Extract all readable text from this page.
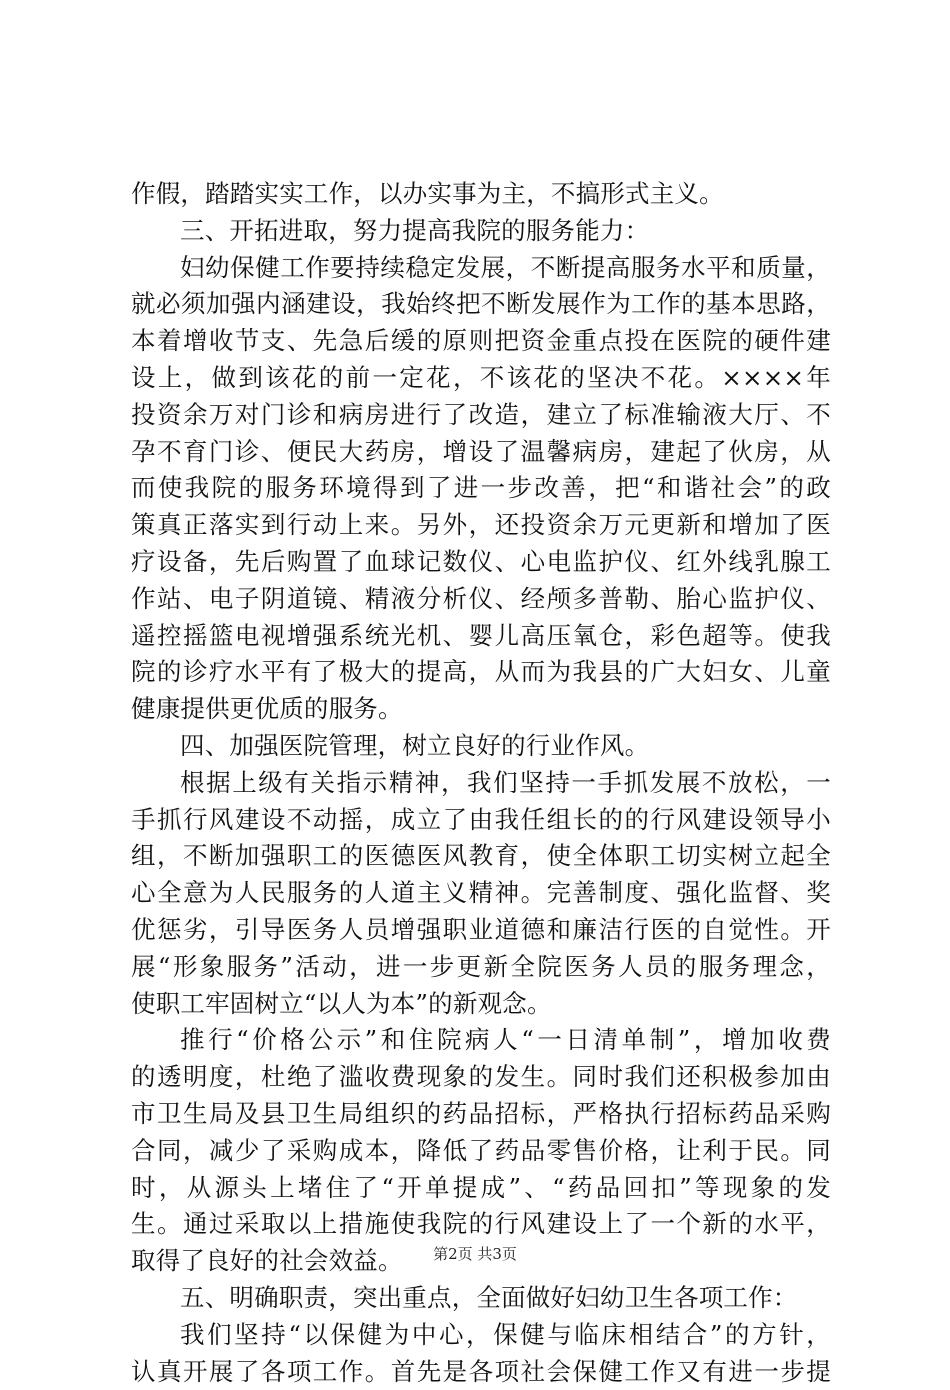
作假，踏踏实实工作，以办实事为主，不搞形式主义。
三、开拓进取，努力提高我院的服务能力：
妇幼保健工作要持续稳定发展，不断提高服务水平和质量，
就必须加强内涵建设，我始终把不断发展作为工作的基本思路，
本着增收节支、先急后缓的原则把资金重点投在医院的硬件建
设上，做到该花的前一定花，不该花的坚决不花。××××年
投资余万对门诊和病房进行了改造，建立了标准输液大厅、不
孕不育门诊、便民大药房，增设了温馨病房，建起了伙房，从
而使我院的服务环境得到了进一步改善，把“和谐社会”的政
策真正落实到行动上来。另外，还投资余万元更新和增加了医
疗设备，先后购置了血球记数仪、心电监护仪、红外线乳腺工
作站、电子阴道镜、精液分析仪、经颅多普勒、胎心监护仪、
遥控摇篮电视增强系统光机、婴儿高压氧仓，彩色超等。使我
院的诊疗水平有了极大的提高，从而为我县的广大妇女、儿童
健康提供更优质的服务。
四、加强医院管理，树立良好的行业作风。
根据上级有关指示精神，我们坚持一手抓发展不放松，一
手抓行风建设不动摇，成立了由我任组长的的行风建设领导小
组，不断加强职工的医德医风教育，使全体职工切实树立起全
心全意为人民服务的人道主义精神。完善制度、强化监督、奖
优惩劣，引导医务人员增强职业道德和廉洁行医的自觉性。开
展“形象服务”活动，进一步更新全院医务人员的服务理念，
使职工牢固树立“以人为本”的新观念。
推行“价格公示”和住院病人“一日清单制”，增加收费
的透明度，杜绝了滥收费现象的发生。同时我们还积极参加由
市卫生局及县卫生局组织的药品招标，严格执行招标药品采购
合同，减少了采购成本，降低了药品零售价格，让利于民。同
时，从源头上堵住了“开单提成”、“药品回扣”等现象的发
生。通过采取以上措施使我院的行风建设上了一个新的水平，
取得了良好的社会效益。
五、明确职责，突出重点，全面做好妇幼卫生各项工作：
我们坚持“以保健为中心，保健与临床相结合”的方针，
认真开展了各项工作。首先是各项社会保健工作又有进一步提
第2页 共3页
